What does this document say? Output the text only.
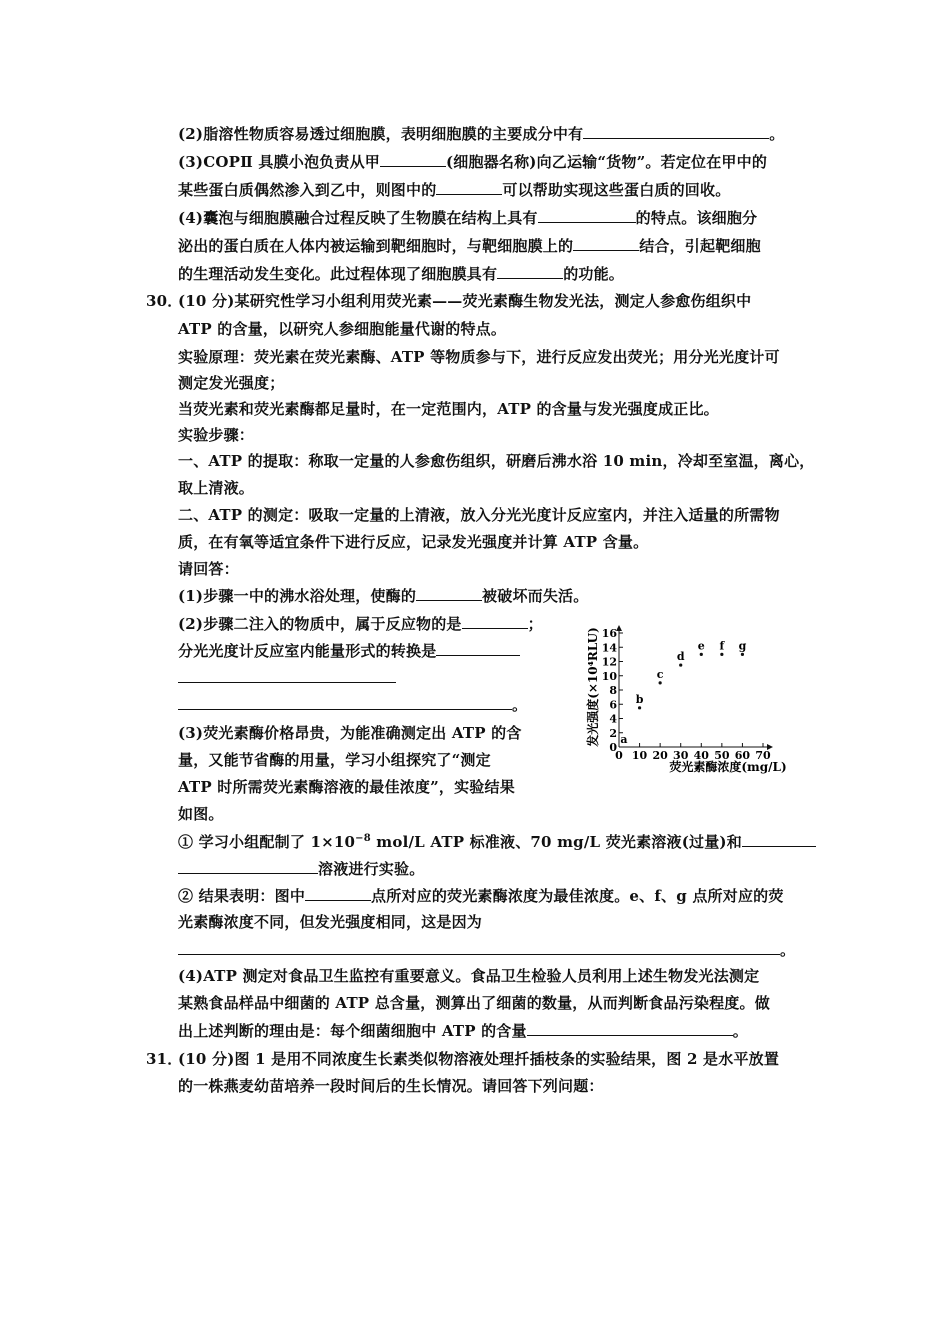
(2)脂溶性物质容易透过细胞膜，表明细胞膜的主要成分中有	。
(3)COPⅡ 具膜小泡负责从甲	(细胞器名称)向乙运输“货物”。若定位在甲中的
某些蛋白质偶然渗入到乙中，则图中的	可以帮助实现这些蛋白质的回收。
(4)囊泡与细胞膜融合过程反映了生物膜在结构上具有	的特点。该细胞分
泌出的蛋白质在人体内被运输到靶细胞时，与靶细胞膜上的	结合，引起靶细胞
的生理活动发生变化。此过程体现了细胞膜具有	的功能。
30．
(10 分)某研究性学习小组利用荧光素——荧光素酶生物发光法，测定人参愈伤组织中
ATP 的含量，以研究人参细胞能量代谢的特点。
实验原理：荧光素在荧光素酶、ATP 等物质参与下，进行反应发出荧光；用分光光度计可
测定发光强度；
当荧光素和荧光素酶都足量时，在一定范围内，ATP 的含量与发光强度成正比。
实验步骤：
一、ATP 的提取：称取一定量的人参愈伤组织，研磨后沸水浴 10 min，冷却至室温，离心，
取上清液。
二、ATP 的测定：吸取一定量的上清液，放入分光光度计反应室内，并注入适量的所需物
质，在有氧等适宜条件下进行反应，记录发光强度并计算 ATP 含量。
请回答：
(1)步骤一中的沸水浴处理，使酶的	被破坏而失活。
(2)步骤二注入的物质中，属于反应物的是	；
分光光度计反应室内能量形式的转换是
。
(3)荧光素酶价格昂贵，为能准确测定出 ATP 的含
量，又能节省酶的用量，学习小组探究了“测定
ATP 时所需荧光素酶溶液的最佳浓度”，实验结果
如图。
0
2
4
6
8
10
12
14
16
0 10 20 30 40 50 60 70
a
b
c
d
e f g
发光强度(×10⁴RLU)
荧光素酶浓度(mg/L)
① 学习小组配制了 $1\times 10^{-8}$ mol/L ATP 标准液、70 mg/L 荧光素溶液(过量)和
溶液进行实验。
② 结果表明：图中	点所对应的荧光素酶浓度为最佳浓度。e、f、g 点所对应的荧
光素酶浓度不同，但发光强度相同，这是因为
。
(4)ATP 测定对食品卫生监控有重要意义。食品卫生检验人员利用上述生物发光法测定
某熟食品样品中细菌的 ATP 总含量，测算出了细菌的数量，从而判断食品污染程度。做
出上述判断的理由是：每个细菌细胞中 ATP 的含量	。
31．
(10 分)图 1 是用不同浓度生长素类似物溶液处理扦插枝条的实验结果，图 2 是水平放置
的一株燕麦幼苗培养一段时间后的生长情况。请回答下列问题：
